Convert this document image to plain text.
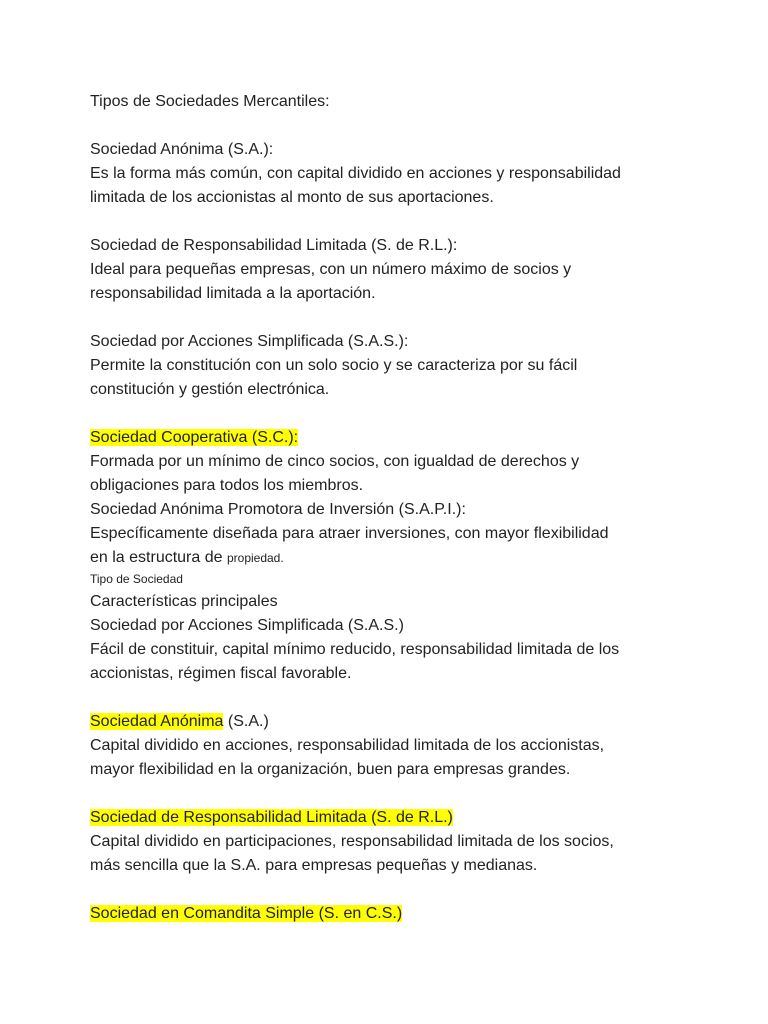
Tipos de Sociedades Mercantiles:
Sociedad Anónima (S.A.):
Es la forma más común, con capital dividido en acciones y responsabilidad
limitada de los accionistas al monto de sus aportaciones.
Sociedad de Responsabilidad Limitada (S. de R.L.):
Ideal para pequeñas empresas, con un número máximo de socios y
responsabilidad limitada a la aportación.
Sociedad por Acciones Simplificada (S.A.S.):
Permite la constitución con un solo socio y se caracteriza por su fácil
constitución y gestión electrónica.
Sociedad Cooperativa (S.C.):
Formada por un mínimo de cinco socios, con igualdad de derechos y
obligaciones para todos los miembros.
Sociedad Anónima Promotora de Inversión (S.A.P.I.):
Específicamente diseñada para atraer inversiones, con mayor flexibilidad
en la estructura de propiedad.
Tipo de Sociedad
Características principales
Sociedad por Acciones Simplificada (S.A.S.)
Fácil de constituir, capital mínimo reducido, responsabilidad limitada de los
accionistas, régimen fiscal favorable.
Sociedad Anónima (S.A.)
Capital dividido en acciones, responsabilidad limitada de los accionistas,
mayor flexibilidad en la organización, buen para empresas grandes.
Sociedad de Responsabilidad Limitada (S. de R.L.)
Capital dividido en participaciones, responsabilidad limitada de los socios,
más sencilla que la S.A. para empresas pequeñas y medianas.
Sociedad en Comandita Simple (S. en C.S.)
